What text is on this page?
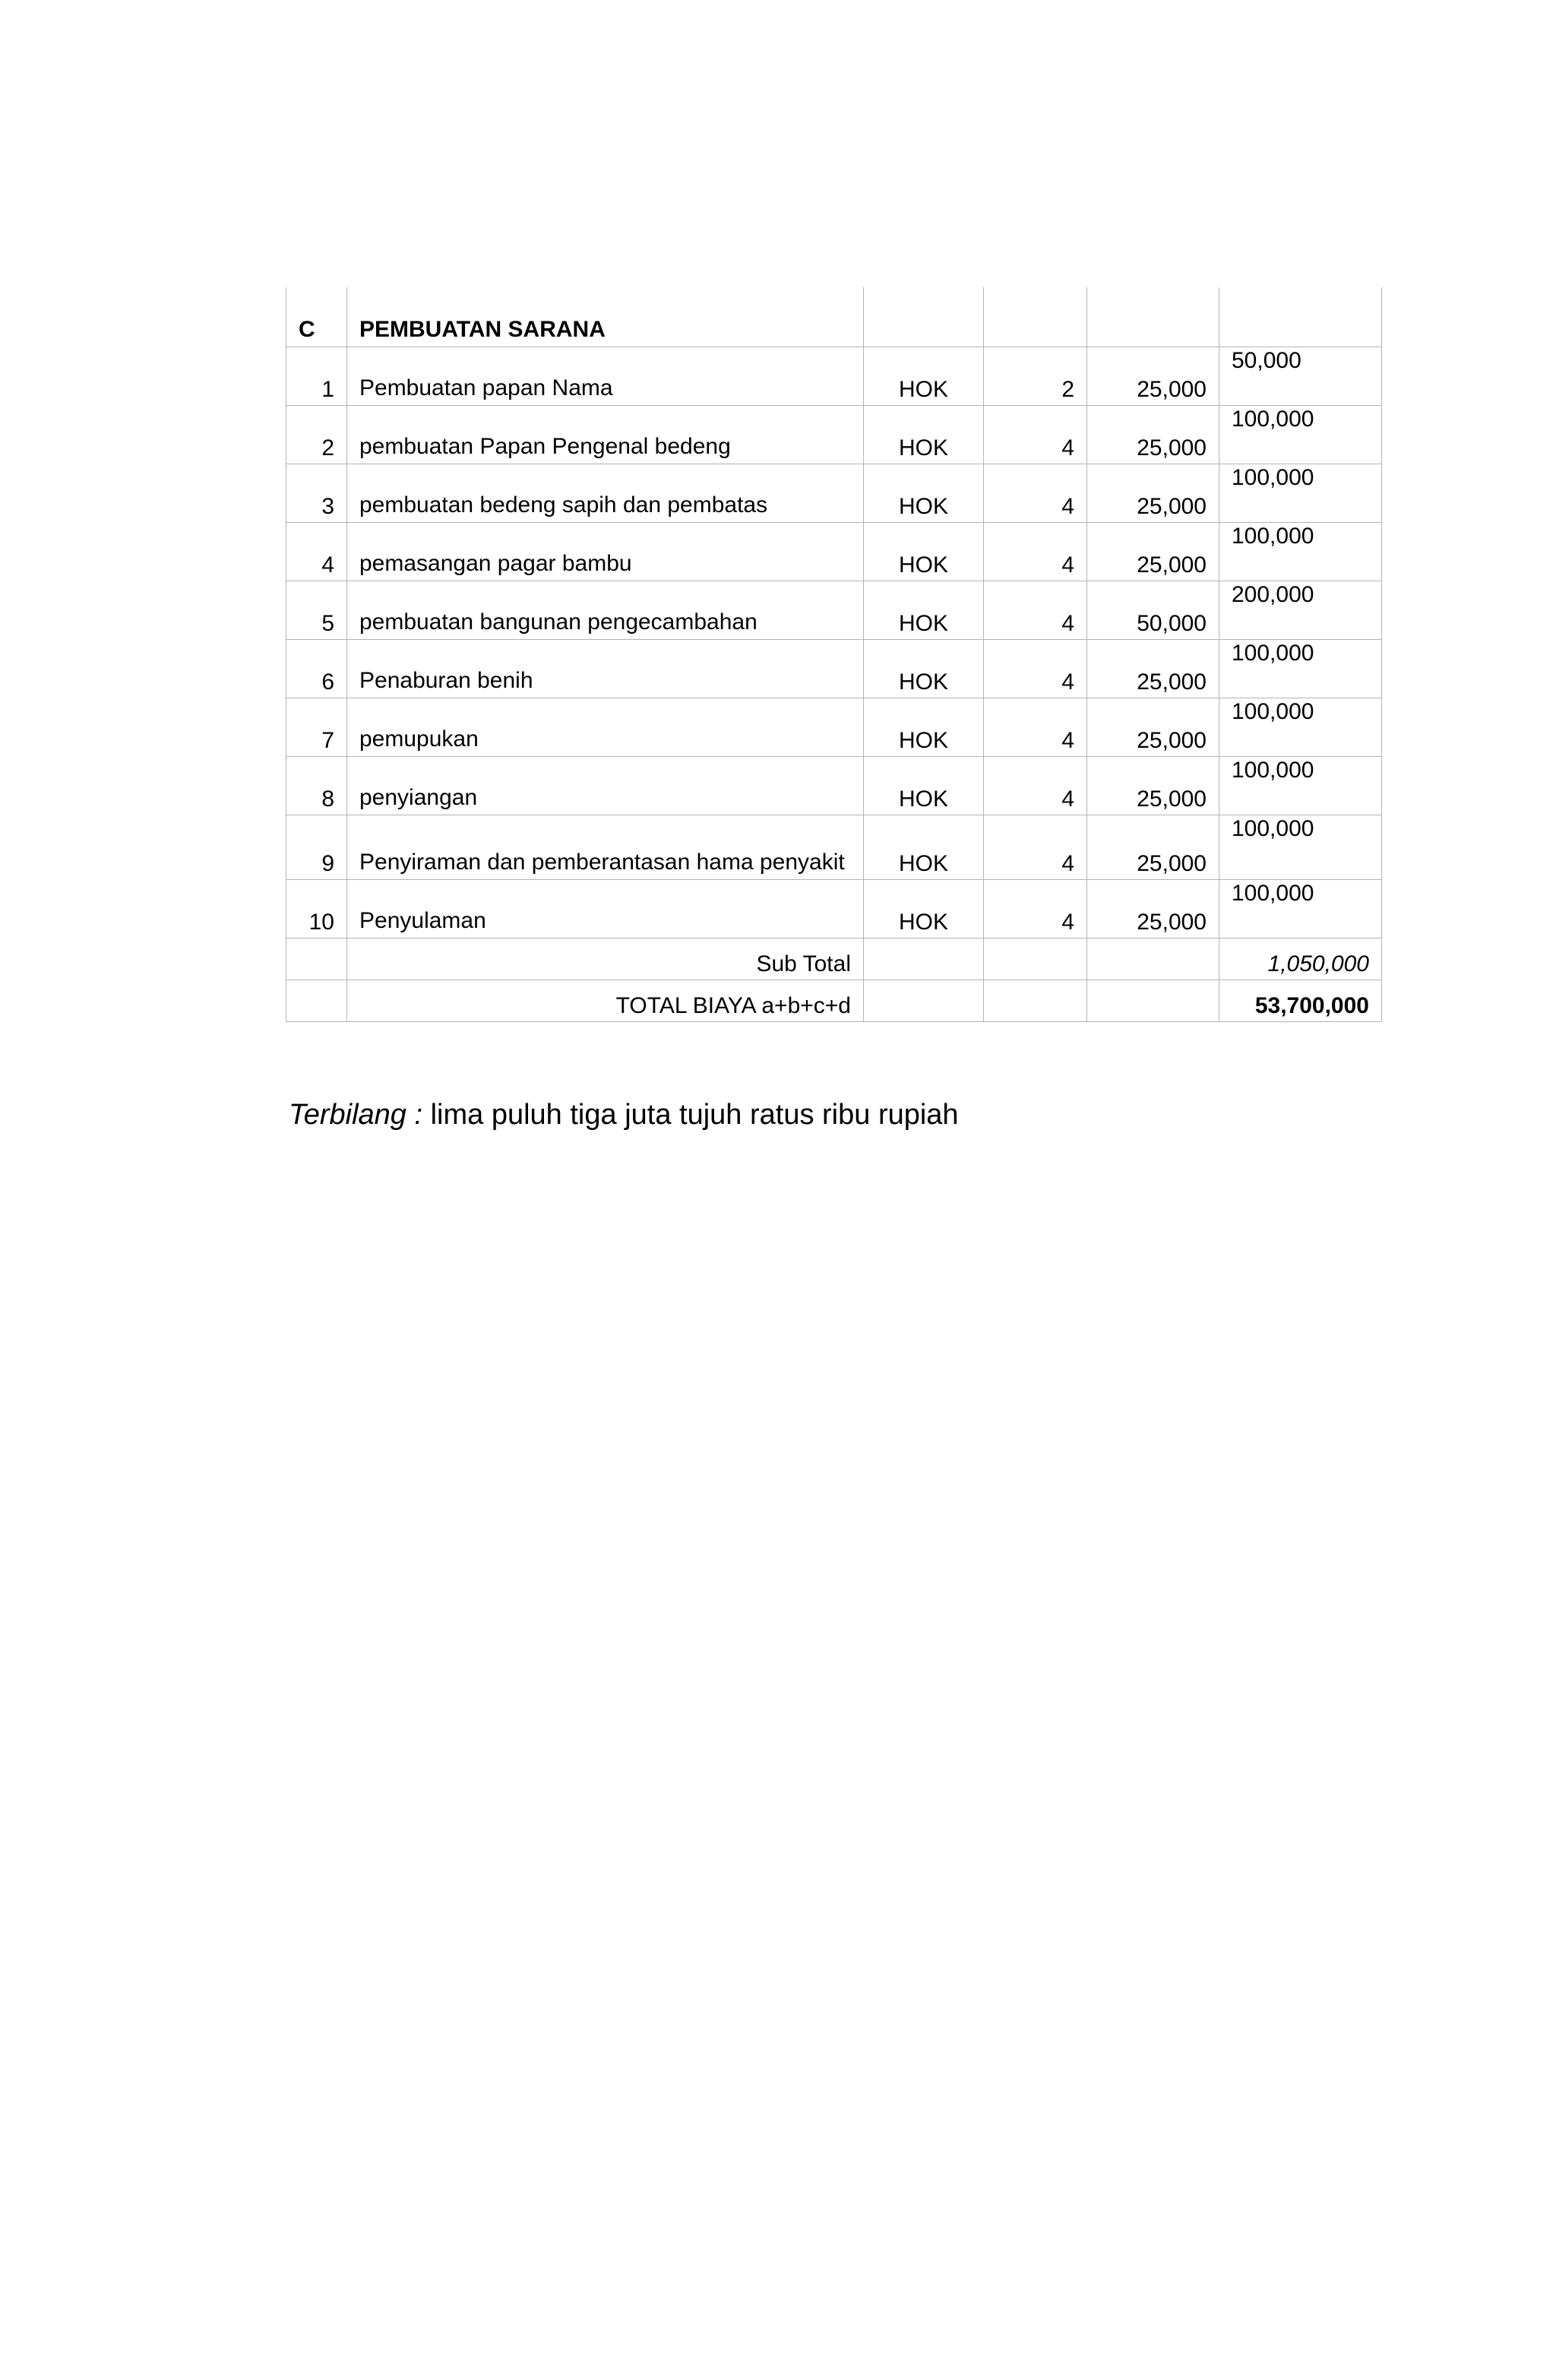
C	PEMBUATAN SARANA				
1	Pembuatan papan Nama	HOK	2	25,000	50,000

2	pembuatan Papan Pengenal bedeng	HOK	4	25,000	100,000

3	pembuatan bedeng sapih dan pembatas	HOK	4	25,000	100,000

4	pemasangan pagar bambu	HOK	4	25,000	100,000

5	pembuatan bangunan pengecambahan	HOK	4	50,000	200,000

6	Penaburan benih	HOK	4	25,000	100,000

7	pemupukan	HOK	4	25,000	100,000

8	penyiangan	HOK	4	25,000	100,000

9	Penyiraman dan pemberantasan hama penyakit	HOK	4	25,000	100,000

10	Penyulaman	HOK	4	25,000	100,000

	Sub Total				1,050,000
	TOTAL BIAYA a+b+c+d				53,700,000
Terbilang : lima puluh tiga juta tujuh ratus ribu rupiah
